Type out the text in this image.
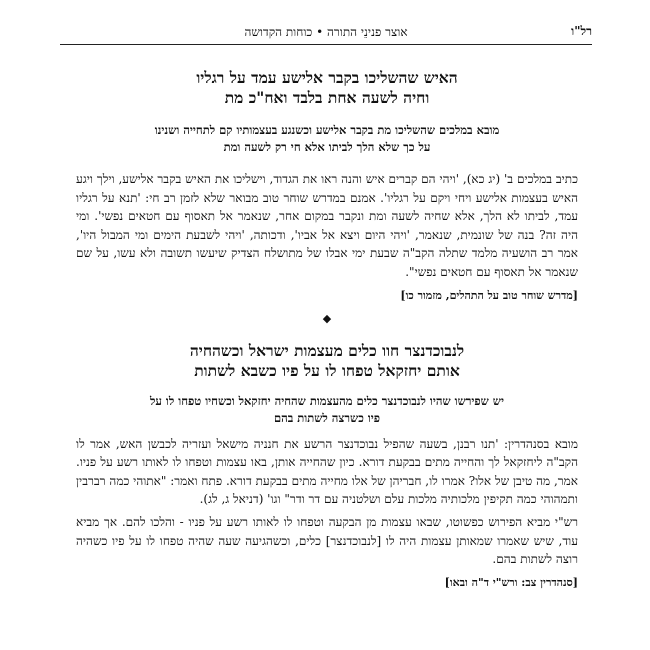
רל"ו
אוצר פנינֵי התורה • כוחות הקדושה
האיש שהשליכו בקבר אלישע עמד על רגליו
וחיה לשעה אחת בלבד ואח"כ מת
מובא במלכים שהשליכו מת בקבר אלישע וכשנגע בעצמותיו קם לתחייה ושנינו
על כך שלא הלך לביתו אלא חי רק לשעה ומת

כתיב במלכים ב' (יג כא), 'ויהי הם קברים איש והנה ראו את הגדוד, וישליכו את האיש בקבר אלישע, וילך ויגע האיש בעצמות אלישע ויחי ויקם על רגליו'. אמנם במדרש שוחר טוב מבואר שלא לזמן רב חי: 'תנא על רגליו עמד, לביתו לא הלך, אלא שחיה לשעה ומת ונקבר במקום אחר, שנאמר אל תאסוף עם חטאים נפשי'. ומי היה זה? בנה של שונמית, שנאמר, 'ויהי היום ויצא אל אביו', ודכותה, 'ויהי לשבעת הימים ומי המבול היו', אמר רב הושעיה מלמד שתלה הקב"ה שבעת ימי אבלו של מתושלח הצדיק שיעשו תשובה ולא עשו, על שם שנאמר אל תאסוף עם חטאים נפשי".

[מדרש שוחר טוב על התהלים, מזמור כו]
◆
לנבוכדנצר חוו כלים מעצמות ישראל וכשהחיה
אותם יחזקאל טפחו לו על פיו כשבא לשתות
יש שפירשו שהיו לנבוכדנצר כלים מהעצמות שהחיה יחזקאל וכשחיו טפחו לו על
פיו כשרצה לשתות בהם

מובא בסנהדרין: 'תנו רבנן, בשעה שהפיל נבוכדנצר הרשע את חנניה מישאל ועזריה לכבשן האש, אמר לו הקב"ה ליחזקאל לך והחייה מתים בבקעת דורא. כיון שהחייה אותן, באו עצמות וטפחו לו לאותו רשע על פניו. אמר, מה טיבן של אלו? אמרו לו, חבריהן של אלו מחייה מתים בבקעת דורא. פתח ואמר: "אתוהי כמה רברבין ותמהוהי כמה תקיפין מלכותיה מלכות עלם ושלטניה עם דר ודר" וגו' (דניאל ג, לג).

רש"י מביא הפירוש כפשוטו, שבאו עצמות מן הבקעה וטפחו לו לאותו רשע על פניו - והלכו להם. אך מביא עוד, שיש שאמרו שמאותן עצמות היה לו [לנבוכדנצר] כלים, וכשהגיעה שעה שהיה טפחו לו על פיו כשהיה רוצה לשתות בהם.

[סנהדרין צב: ורש"י ד"ה ובאו]
